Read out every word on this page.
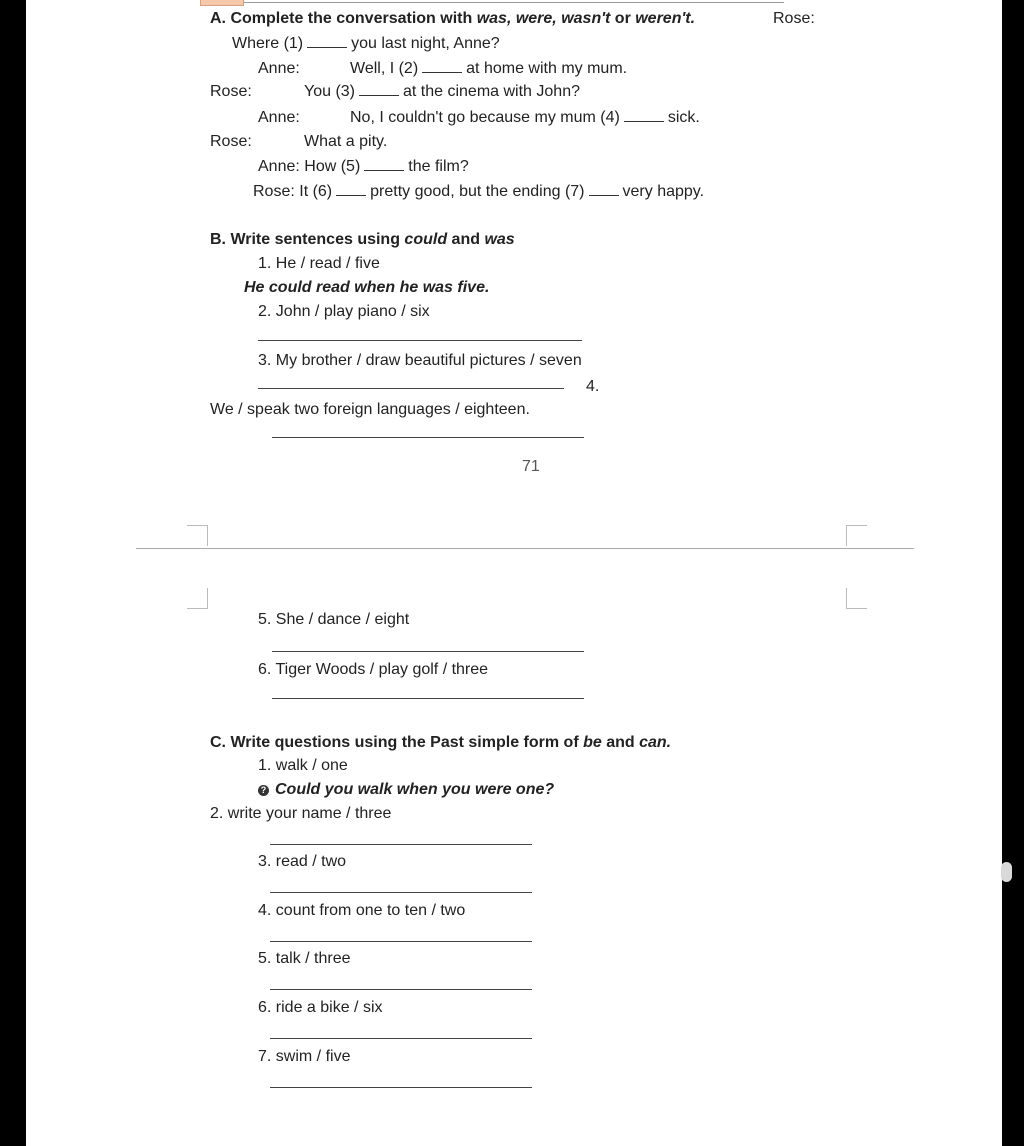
A. Complete the conversation with was, were, wasn't or weren't.	Rose:
Where (1)	you last night, Anne?
Anne:	Well, I (2)	at home with my mum.
Rose:	You (3)	at the cinema with John?
Anne:	No, I couldn't go because my mum (4)	sick.
Rose:	What a pity.
Anne: How (5)	the film?
Rose: It (6) pretty good, but the ending (7) very happy.
B. Write sentences using could and was
1. He / read / five
He could read when he was five.
2. John / play piano / six
3. My brother / draw beautiful pictures / seven
4.
We / speak two foreign languages / eighteen.
71
5. She / dance / eight
6. Tiger Woods / play golf / three
C. Write questions using the Past simple form of be and can.
1. walk / one
? Could you walk when you were one?
2. write your name / three
3. read / two
4. count from one to ten / two
5. talk / three
6. ride a bike / six
7. swim / five
